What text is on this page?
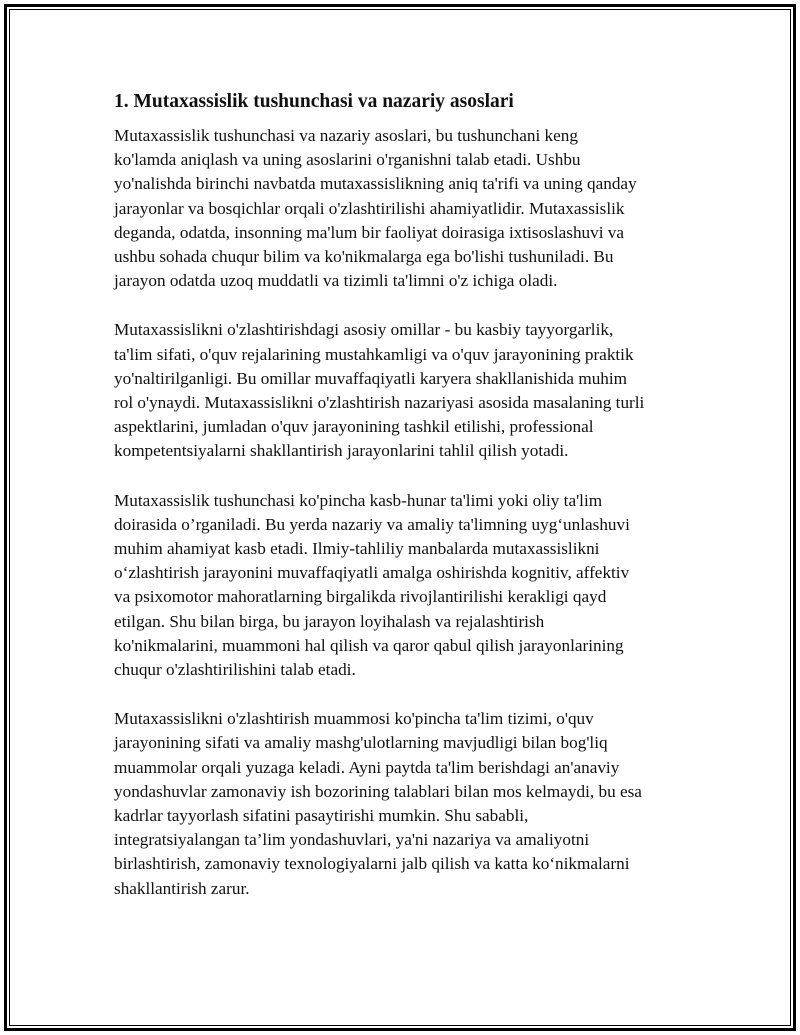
1. Mutaxassislik tushunchasi va nazariy asoslari
Mutaxassislik tushunchasi va nazariy asoslari, bu tushunchani keng
ko'lamda aniqlash va uning asoslarini o'rganishni talab etadi. Ushbu
yo'nalishda birinchi navbatda mutaxassislikning aniq ta'rifi va uning qanday
jarayonlar va bosqichlar orqali o'zlashtirilishi ahamiyatlidir. Mutaxassislik
deganda, odatda, insonning ma'lum bir faoliyat doirasiga ixtisoslashuvi va
ushbu sohada chuqur bilim va ko'nikmalarga ega bo'lishi tushuniladi. Bu
jarayon odatda uzoq muddatli va tizimli ta'limni o'z ichiga oladi.
Mutaxassislikni o'zlashtirishdagi asosiy omillar - bu kasbiy tayyorgarlik,
ta'lim sifati, o'quv rejalarining mustahkamligi va o'quv jarayonining praktik
yo'naltirilganligi. Bu omillar muvaffaqiyatli karyera shakllanishida muhim
rol o'ynaydi. Mutaxassislikni o'zlashtirish nazariyasi asosida masalaning turli
aspektlarini, jumladan o'quv jarayonining tashkil etilishi, professional
kompetentsiyalarni shakllantirish jarayonlarini tahlil qilish yotadi.
Mutaxassislik tushunchasi ko'pincha kasb-hunar ta'limi yoki oliy ta'lim
doirasida o’rganiladi. Bu yerda nazariy va amaliy ta'limning uyg‘unlashuvi
muhim ahamiyat kasb etadi. Ilmiy-tahliliy manbalarda mutaxassislikni
o‘zlashtirish jarayonini muvaffaqiyatli amalga oshirishda kognitiv, affektiv
va psixomotor mahoratlarning birgalikda rivojlantirilishi kerakligi qayd
etilgan. Shu bilan birga, bu jarayon loyihalash va rejalashtirish
ko'nikmalarini, muammoni hal qilish va qaror qabul qilish jarayonlarining
chuqur o'zlashtirilishini talab etadi.
Mutaxassislikni o'zlashtirish muammosi ko'pincha ta'lim tizimi, o'quv
jarayonining sifati va amaliy mashg'ulotlarning mavjudligi bilan bog'liq
muammolar orqali yuzaga keladi. Ayni paytda ta'lim berishdagi an'anaviy
yondashuvlar zamonaviy ish bozorining talablari bilan mos kelmaydi, bu esa
kadrlar tayyorlash sifatini pasaytirishi mumkin. Shu sababli,
integratsiyalangan ta’lim yondashuvlari, ya'ni nazariya va amaliyotni
birlashtirish, zamonaviy texnologiyalarni jalb qilish va katta ko‘nikmalarni
shakllantirish zarur.
